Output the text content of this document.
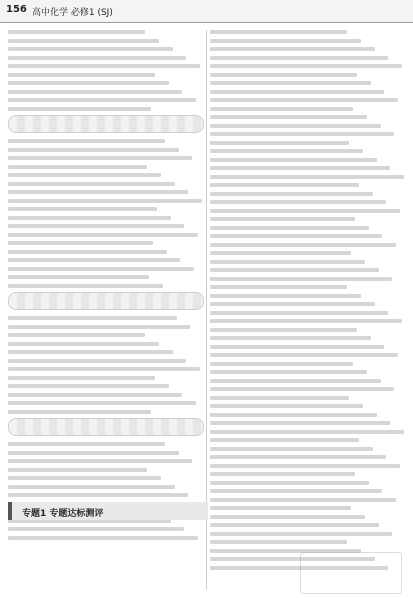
156 高中化学 必修1 (SJ)
专题1 专题达标测评
